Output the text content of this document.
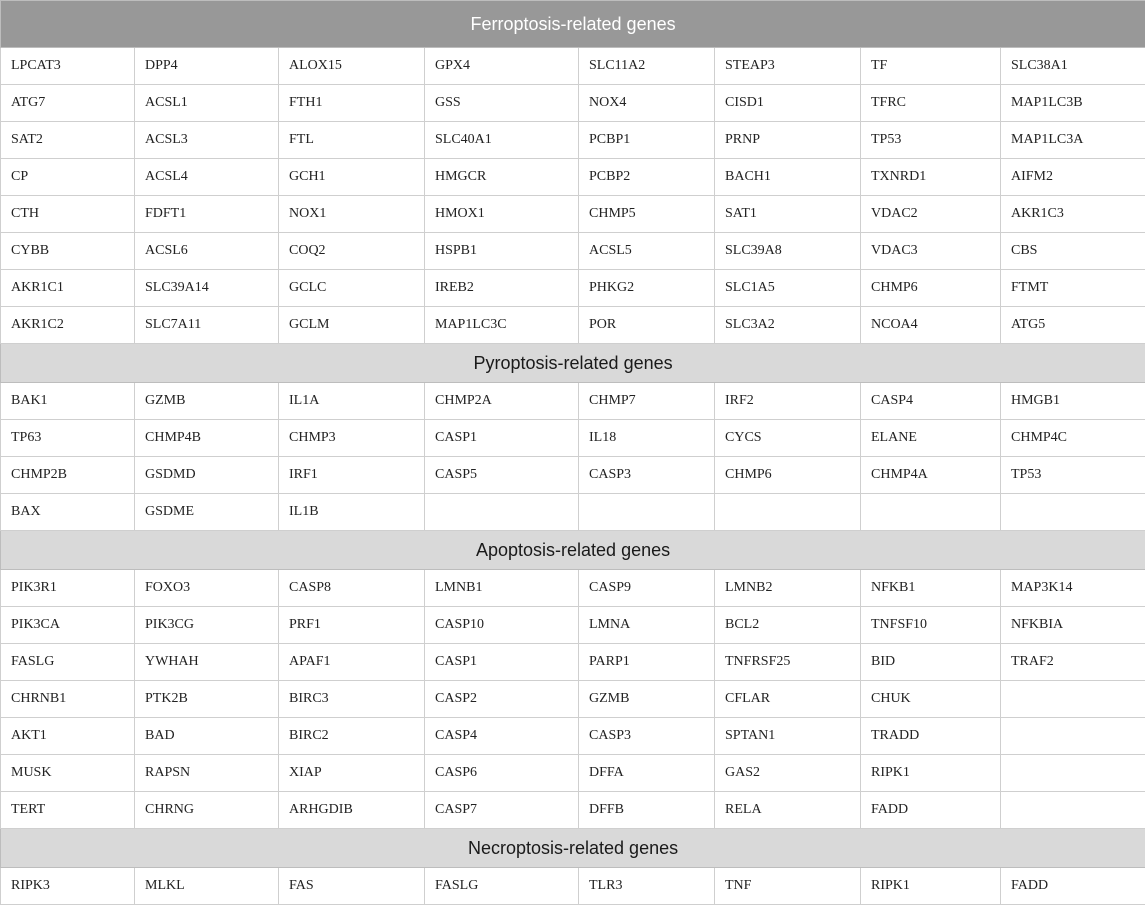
Ferroptosis-related genes							
LPCAT3	DPP4	ALOX15	GPX4	SLC11A2	STEAP3	TF	SLC38A1
ATG7	ACSL1	FTH1	GSS	NOX4	CISD1	TFRC	MAP1LC3B
SAT2	ACSL3	FTL	SLC40A1	PCBP1	PRNP	TP53	MAP1LC3A
CP	ACSL4	GCH1	HMGCR	PCBP2	BACH1	TXNRD1	AIFM2
CTH	FDFT1	NOX1	HMOX1	CHMP5	SAT1	VDAC2	AKR1C3
CYBB	ACSL6	COQ2	HSPB1	ACSL5	SLC39A8	VDAC3	CBS
AKR1C1	SLC39A14	GCLC	IREB2	PHKG2	SLC1A5	CHMP6	FTMT
AKR1C2	SLC7A11	GCLM	MAP1LC3C	POR	SLC3A2	NCOA4	ATG5
Pyroptosis-related genes							
BAK1	GZMB	IL1A	CHMP2A	CHMP7	IRF2	CASP4	HMGB1
TP63	CHMP4B	CHMP3	CASP1	IL18	CYCS	ELANE	CHMP4C
CHMP2B	GSDMD	IRF1	CASP5	CASP3	CHMP6	CHMP4A	TP53
BAX	GSDME	IL1B					
Apoptosis-related genes							
PIK3R1	FOXO3	CASP8	LMNB1	CASP9	LMNB2	NFKB1	MAP3K14
PIK3CA	PIK3CG	PRF1	CASP10	LMNA	BCL2	TNFSF10	NFKBIA
FASLG	YWHAH	APAF1	CASP1	PARP1	TNFRSF25	BID	TRAF2
CHRNB1	PTK2B	BIRC3	CASP2	GZMB	CFLAR	CHUK	
AKT1	BAD	BIRC2	CASP4	CASP3	SPTAN1	TRADD	
MUSK	RAPSN	XIAP	CASP6	DFFA	GAS2	RIPK1	
TERT	CHRNG	ARHGDIB	CASP7	DFFB	RELA	FADD	
Necroptosis-related genes							
RIPK3	MLKL	FAS	FASLG	TLR3	TNF	RIPK1	FADD
